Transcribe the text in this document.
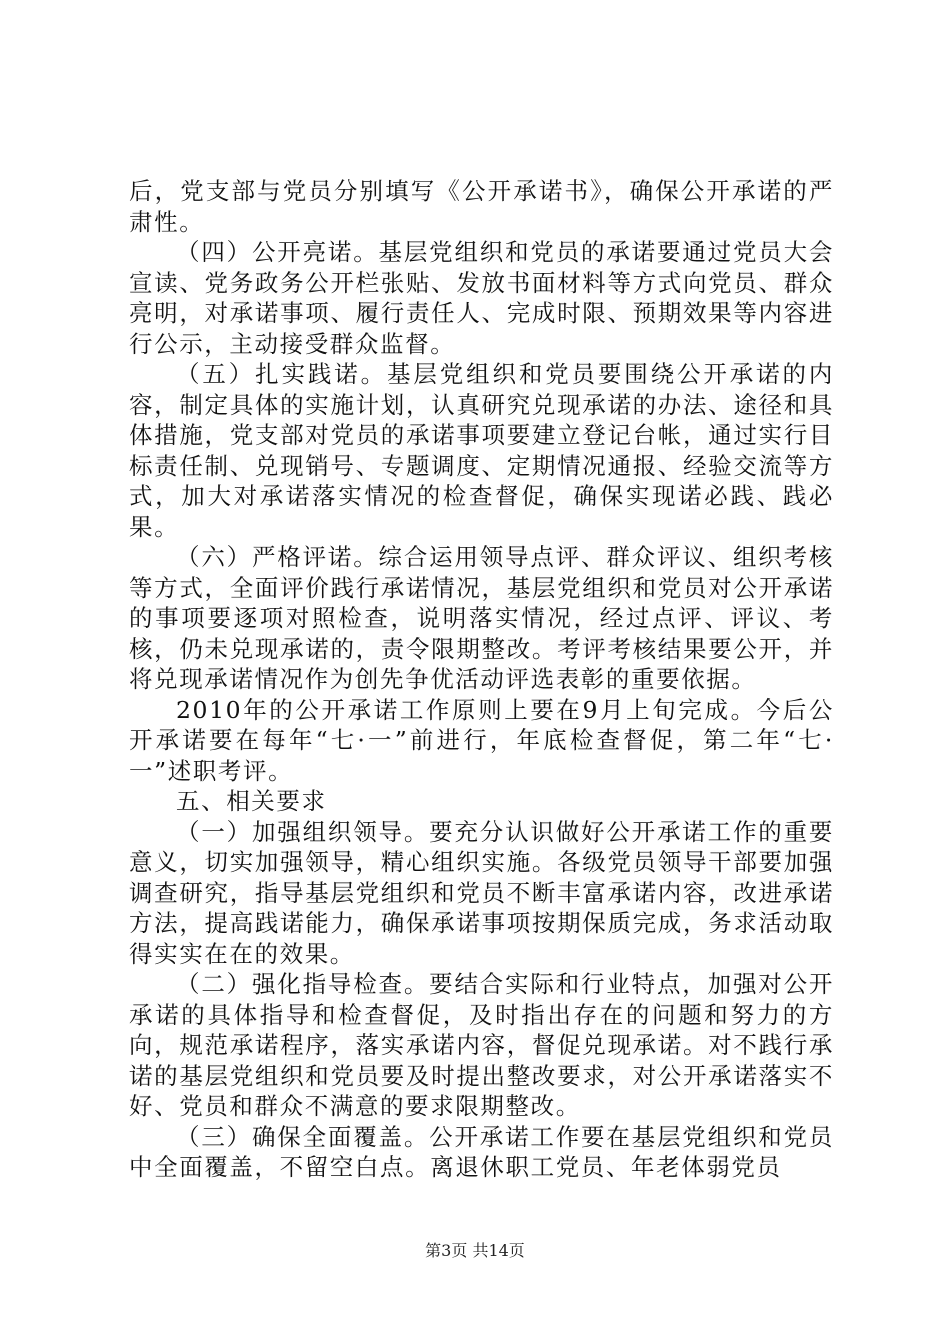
后，党支部与党员分别填写《公开承诺书》，确保公开承诺的严肃性。

（四）公开亮诺。基层党组织和党员的承诺要通过党员大会宣读、党务政务公开栏张贴、发放书面材料等方式向党员、群众亮明，对承诺事项、履行责任人、完成时限、预期效果等内容进行公示，主动接受群众监督。

（五）扎实践诺。基层党组织和党员要围绕公开承诺的内容，制定具体的实施计划，认真研究兑现承诺的办法、途径和具体措施，党支部对党员的承诺事项要建立登记台帐，通过实行目标责任制、兑现销号、专题调度、定期情况通报、经验交流等方式，加大对承诺落实情况的检查督促，确保实现诺必践、践必果。

（六）严格评诺。综合运用领导点评、群众评议、组织考核等方式，全面评价践行承诺情况，基层党组织和党员对公开承诺的事项要逐项对照检查，说明落实情况，经过点评、评议、考核，仍未兑现承诺的，责令限期整改。考评考核结果要公开，并将兑现承诺情况作为创先争优活动评选表彰的重要依据。

2010年的公开承诺工作原则上要在9月上旬完成。今后公开承诺要在每年“七·一”前进行，年底检查督促，第二年“七·一”述职考评。

五、相关要求

（一）加强组织领导。要充分认识做好公开承诺工作的重要意义，切实加强领导，精心组织实施。各级党员领导干部要加强调查研究，指导基层党组织和党员不断丰富承诺内容，改进承诺方法，提高践诺能力，确保承诺事项按期保质完成，务求活动取得实实在在的效果。

（二）强化指导检查。要结合实际和行业特点，加强对公开承诺的具体指导和检查督促，及时指出存在的问题和努力的方向，规范承诺程序，落实承诺内容，督促兑现承诺。对不践行承诺的基层党组织和党员要及时提出整改要求，对公开承诺落实不好、党员和群众不满意的要求限期整改。

（三）确保全面覆盖。公开承诺工作要在基层党组织和党员中全面覆盖，不留空白点。离退休职工党员、年老体弱党员

第3页 共14页
